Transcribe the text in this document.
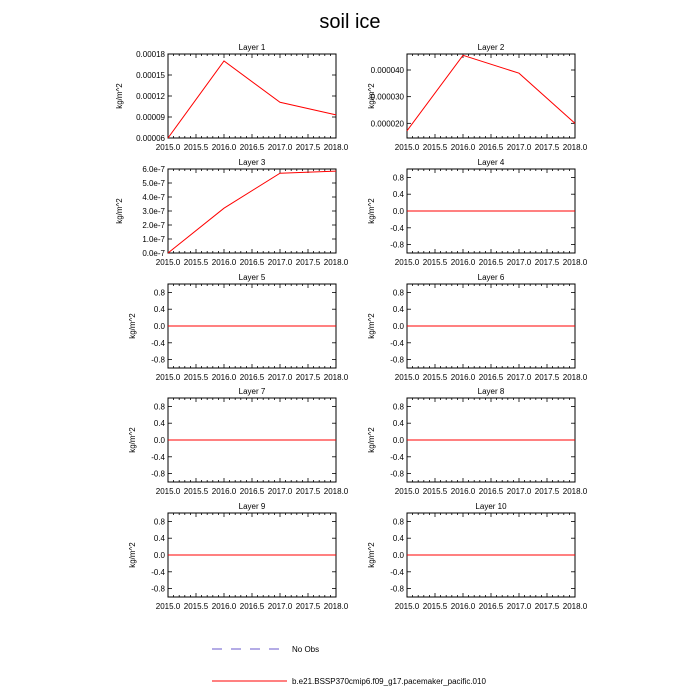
soil ice
Layer 1
2015.0 2015.5 2016.0 2016.5 2017.0 2017.5 2018.0
0.00006
0.00009
0.00012
0.00015
0.00018
kg/m^2
Layer 2
2015.0 2015.5 2016.0 2016.5 2017.0 2017.5 2018.0
0.000020
0.000030
0.000040
kg/m^2
Layer 3
2015.0 2015.5 2016.0 2016.5 2017.0 2017.5 2018.0
0.0e-7
1.0e-7
2.0e-7
3.0e-7
4.0e-7
5.0e-7
6.0e-7
kg/m^2
Layer 4
2015.0 2015.5 2016.0 2016.5 2017.0 2017.5 2018.0
-0.8
-0.4
0.0
0.4
0.8
kg/m^2
Layer 5
2015.0 2015.5 2016.0 2016.5 2017.0 2017.5 2018.0
-0.8
-0.4
0.0
0.4
0.8
kg/m^2
Layer 6
2015.0 2015.5 2016.0 2016.5 2017.0 2017.5 2018.0
-0.8
-0.4
0.0
0.4
0.8
kg/m^2
Layer 7
2015.0 2015.5 2016.0 2016.5 2017.0 2017.5 2018.0
-0.8
-0.4
0.0
0.4
0.8
kg/m^2
Layer 8
2015.0 2015.5 2016.0 2016.5 2017.0 2017.5 2018.0
-0.8
-0.4
0.0
0.4
0.8
kg/m^2
Layer 9
2015.0 2015.5 2016.0 2016.5 2017.0 2017.5 2018.0
-0.8
-0.4
0.0
0.4
0.8
kg/m^2
Layer 10
2015.0 2015.5 2016.0 2016.5 2017.0 2017.5 2018.0
-0.8
-0.4
0.0
0.4
0.8
kg/m^2
No Obs
b.e21.BSSP370cmip6.f09_g17.pacemaker_pacific.010
